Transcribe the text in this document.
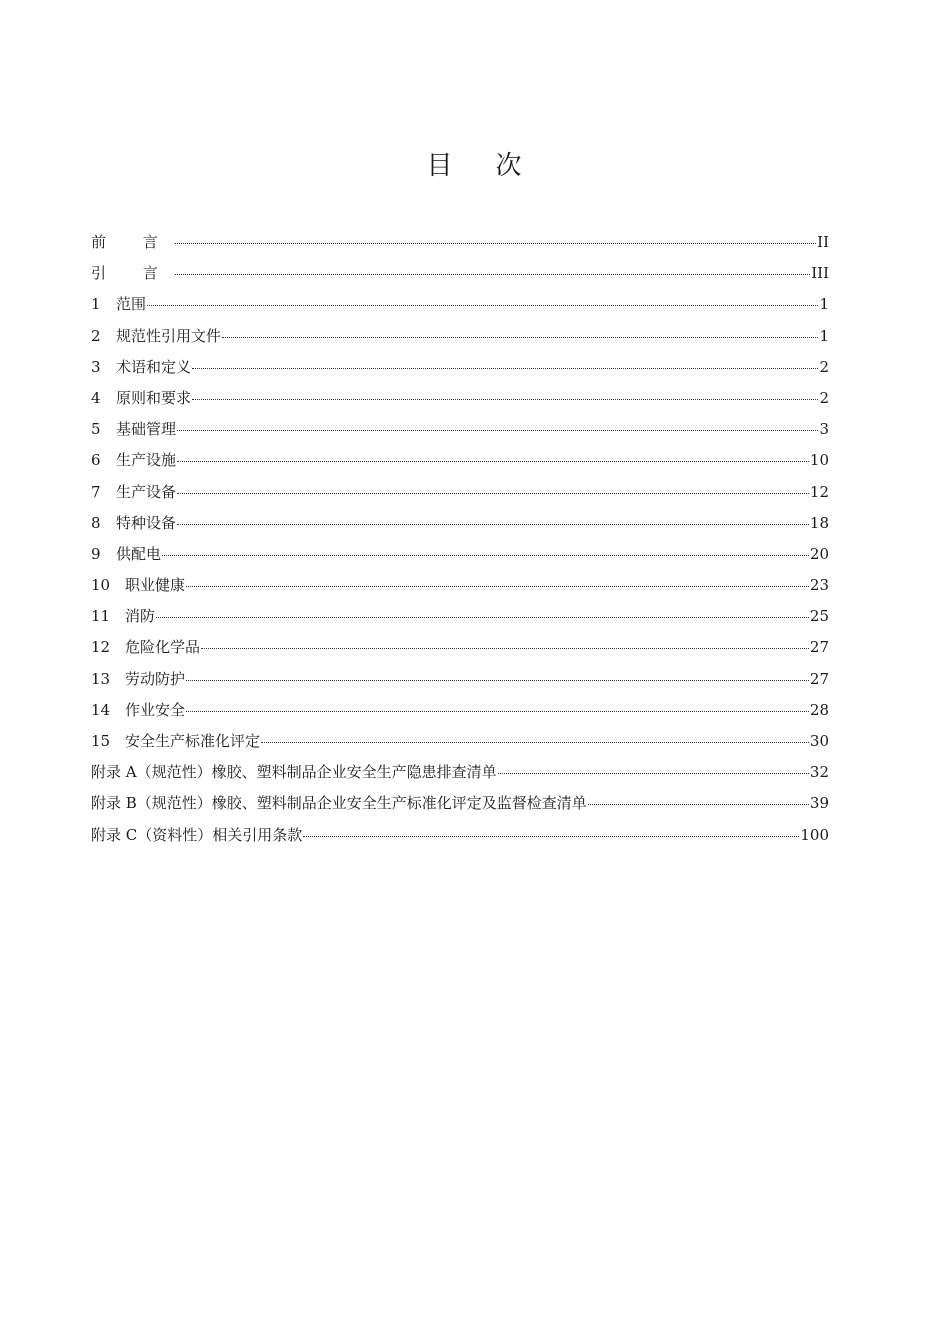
目    次
前 言	II
引 言	III
1	范围	1
2	规范性引用文件	1
3	术语和定义	2
4	原则和要求	2
5	基础管理	3
6	生产设施	10
7	生产设备	12
8	特种设备	18
9	供配电	20
10 职业健康	23
11 消防	25
12 危险化学品	27
13 劳动防护	27
14 作业安全	28
15 安全生产标准化评定	30
附录 A（规范性）橡胶、塑料制品企业安全生产隐患排查清单	32
附录 B（规范性）橡胶、塑料制品企业安全生产标准化评定及监督检查清单	39
附录 C（资料性）相关引用条款	100
